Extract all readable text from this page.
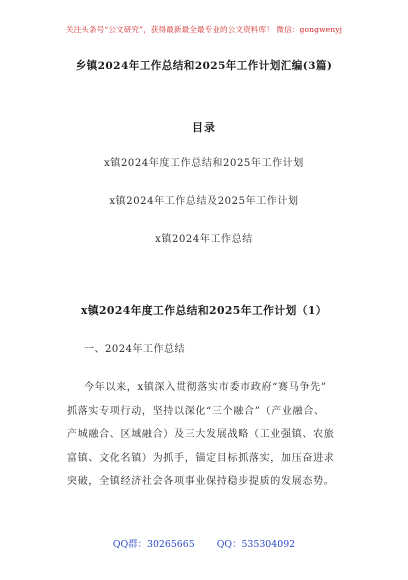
关注头条号“公文研究”，获得最新最全最专业的公文资料库！ 微信：gongwenyj
乡镇2024年工作总结和2025年工作计划汇编(3篇)
目录
x镇2024年度工作总结和2025年工作计划
x镇2024年工作总结及2025年工作计划
x镇2024年工作总结
x镇2024年度工作总结和2025年工作计划（1）
一、2024年工作总结
今年以来，x镇深入贯彻落实市委市政府“赛马争先”
抓落实专项行动，坚持以深化“三个融合”（产业融合、
产城融合、区域融合）及三大发展战略（工业强镇、农旅
富镇、文化名镇）为抓手，锚定目标抓落实，加压奋进求
突破，全镇经济社会各项事业保持稳步提质的发展态势。
QQ群：30265665 QQ：535304092
